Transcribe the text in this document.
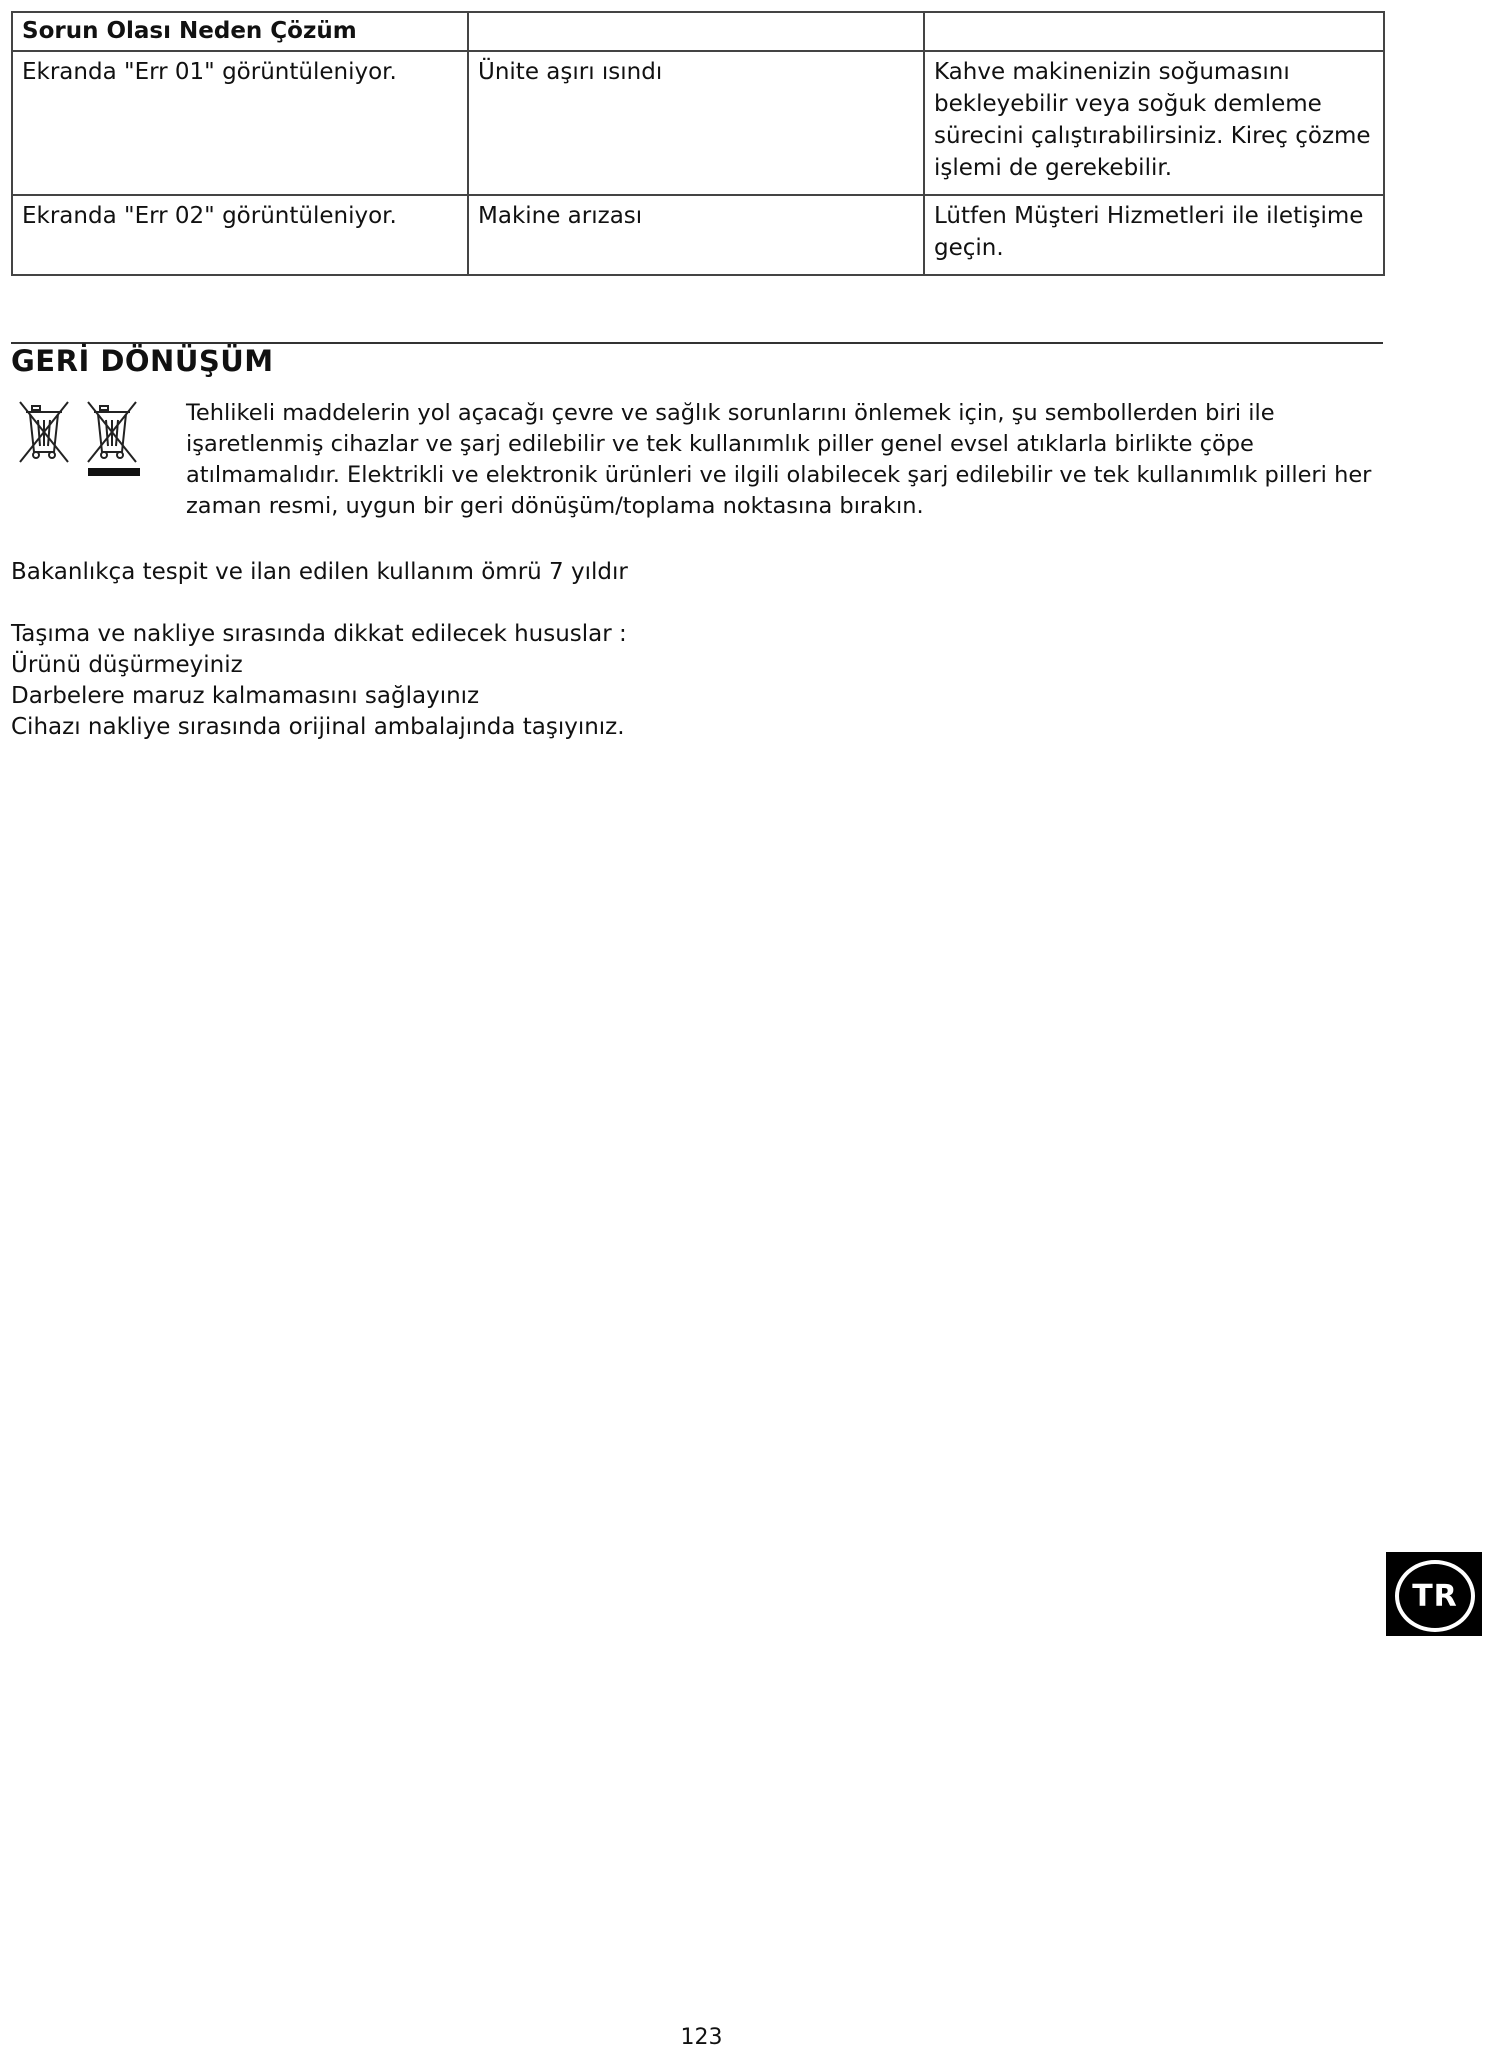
Sorun Olası Neden Çözüm		
Ekranda "Err 01" görüntüleniyor.	Ünite aşırı ısındı	Kahve makinenizin soğumasını bekleyebilir veya soğuk demleme sürecini çalıştırabilirsiniz. Kireç çözme işlemi de gerekebilir.
Ekranda "Err 02" görüntüleniyor.	Makine arızası	Lütfen Müşteri Hizmetleri ile iletişime geçin.
GERİ DÖNÜŞÜM
Tehlikeli maddelerin yol açacağı çevre ve sağlık sorunlarını önlemek için, şu sembollerden biri ile işaretlenmiş cihazlar ve şarj edilebilir ve tek kullanımlık piller genel evsel atıklarla birlikte çöpe atılmamalıdır. Elektrikli ve elektronik ürünleri ve ilgili olabilecek şarj edilebilir ve tek kullanımlık pilleri her zaman resmi, uygun bir geri dönüşüm/toplama noktasına bırakın.
Bakanlıkça tespit ve ilan edilen kullanım ömrü 7 yıldır
Taşıma ve nakliye sırasında dikkat edilecek hususlar :
Ürünü düşürmeyiniz
Darbelere maruz kalmamasını sağlayınız
Cihazı nakliye sırasında orijinal ambalajında taşıyınız.
TR
123
